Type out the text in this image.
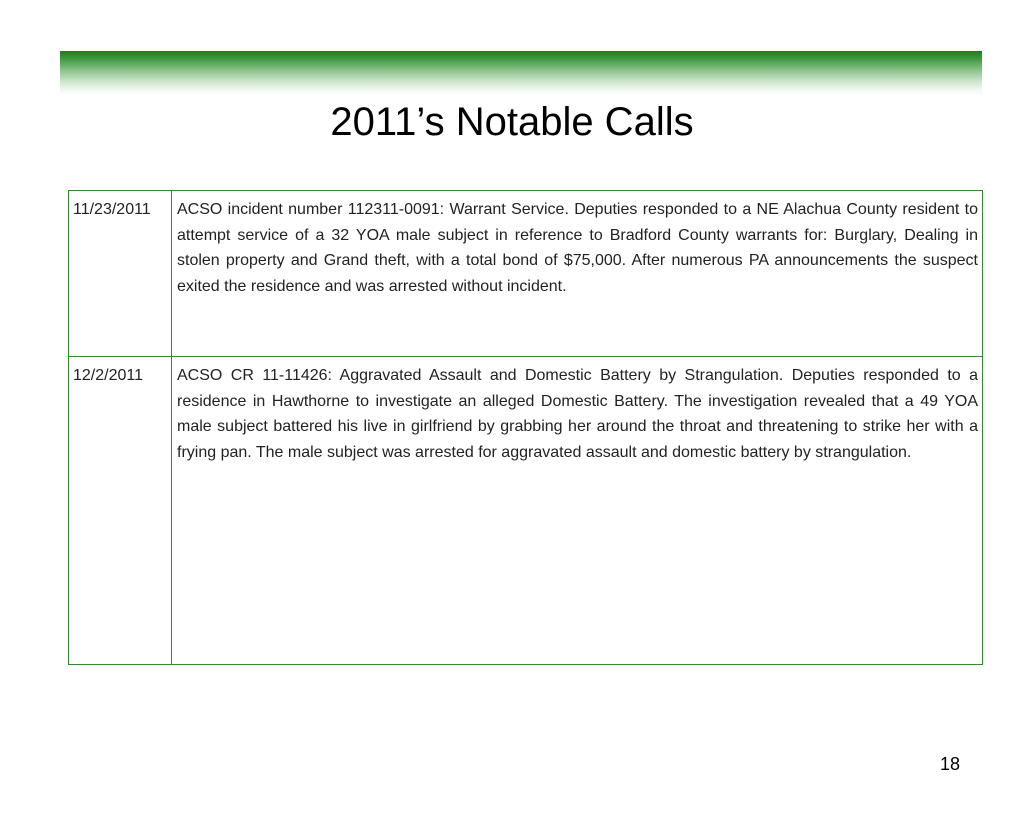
2011’s Notable Calls
11/23/2011	ACSO incident number 112311-0091: Warrant Service. Deputies responded to a NE Alachua County resident to attempt service of a 32 YOA male subject in reference to Bradford County warrants for: Burglary, Dealing in stolen property and Grand theft, with a total bond of $75,000. After numerous PA announcements the suspect exited the residence and was arrested without incident.
12/2/2011	ACSO CR 11-11426: Aggravated Assault and Domestic Battery by Strangulation. Deputies responded to a residence in Hawthorne to investigate an alleged Domestic Battery. The investigation revealed that a 49 YOA male subject battered his live in girlfriend by grabbing her around the throat and threatening to strike her with a frying pan. The male subject was arrested for aggravated assault and domestic battery by strangulation.
18
